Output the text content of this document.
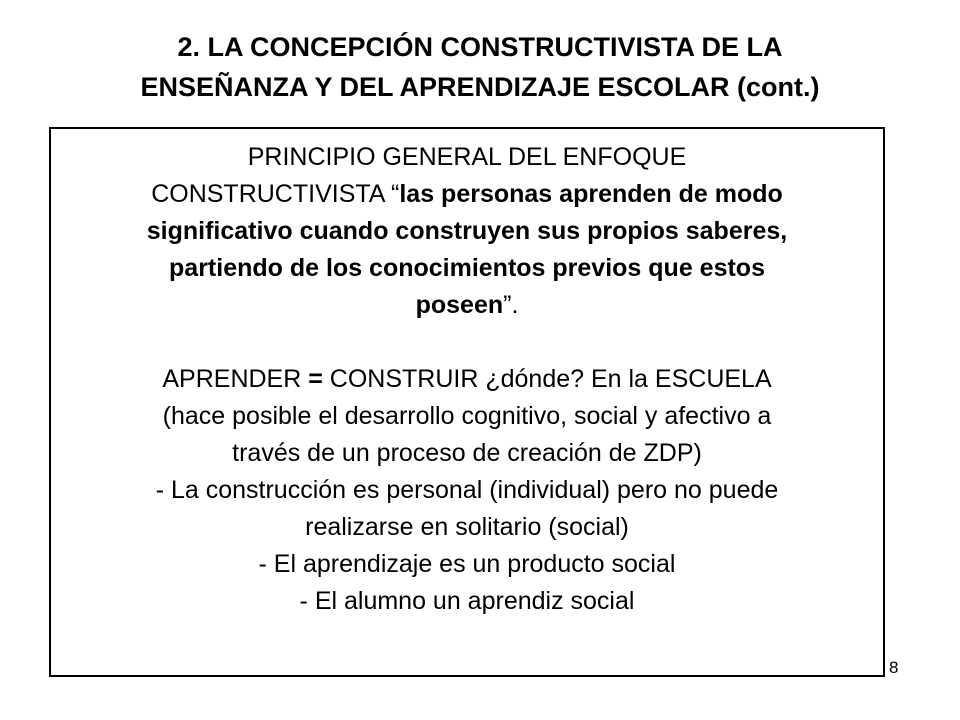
2. LA CONCEPCIÓN CONSTRUCTIVISTA DE LA
ENSEÑANZA Y DEL APRENDIZAJE ESCOLAR (cont.)
PRINCIPIO GENERAL DEL ENFOQUE
CONSTRUCTIVISTA “las personas aprenden de modo
significativo cuando construyen sus propios saberes,
partiendo de los conocimientos previos que estos
poseen”.
APRENDER = CONSTRUIR ¿dónde? En la ESCUELA
(hace posible el desarrollo cognitivo, social y afectivo a
través de un proceso de creación de ZDP)
- La construcción es personal (individual) pero no puede
realizarse en solitario (social)
- El aprendizaje es un producto social
- El alumno un aprendiz social
8
